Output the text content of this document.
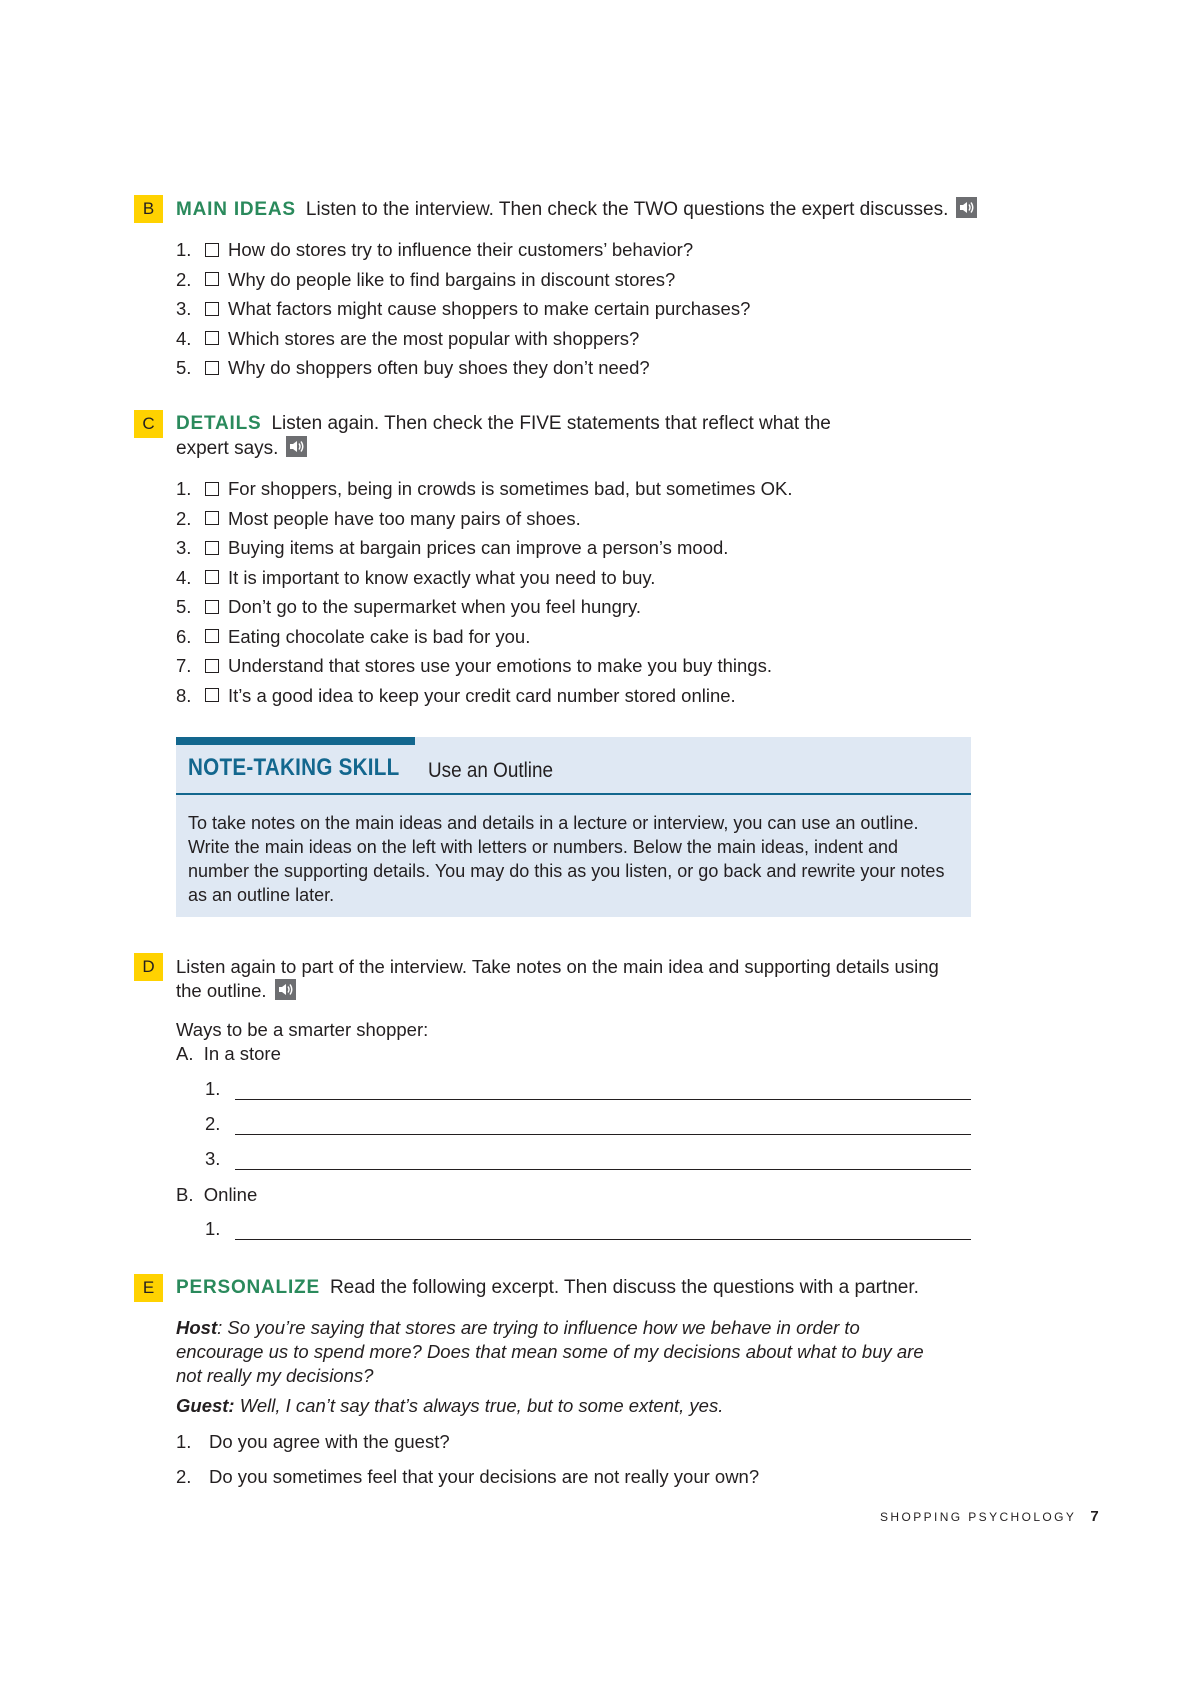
B	MAIN IDEAS Listen to the interview. Then check the TWO questions the expert discusses.
1.	How do stores try to influence their customers’ behavior?
2.	Why do people like to find bargains in discount stores?
3.	What factors might cause shoppers to make certain purchases?
4.	Which stores are the most popular with shoppers?
5.	Why do shoppers often buy shoes they don’t need?
C	DETAILS Listen again. Then check the FIVE statements that reflect what the
expert says.
1.	For shoppers, being in crowds is sometimes bad, but sometimes OK.
2.	Most people have too many pairs of shoes.
3.	Buying items at bargain prices can improve a person’s mood.
4.	It is important to know exactly what you need to buy.
5.	Don’t go to the supermarket when you feel hungry.
6.	Eating chocolate cake is bad for you.
7.	Understand that stores use your emotions to make you buy things.
8.	It’s a good idea to keep your credit card number stored online.
NOTE-TAKING SKILL Use an Outline
To take notes on the main ideas and details in a lecture or interview, you can use an outline. Write the main ideas on the left with letters or numbers. Below the main ideas, indent and number the supporting details. You may do this as you listen, or go back and rewrite your notes as an outline later.
D	Listen again to part of the interview. Take notes on the main idea and supporting details using
the outline.
Ways to be a smarter shopper:
A.  In a store
1.
2.
3.
B.  Online
1.
E	PERSONALIZE Read the following excerpt. Then discuss the questions with a partner.
Host: So you’re saying that stores are trying to influence how we behave in order to encourage us to spend more? Does that mean some of my decisions about what to buy are not really my decisions?
Guest: Well, I can’t say that’s always true, but to some extent, yes.
1. Do you agree with the guest?
2. Do you sometimes feel that your decisions are not really your own?
SHOPPING PSYCHOLOGY 7
